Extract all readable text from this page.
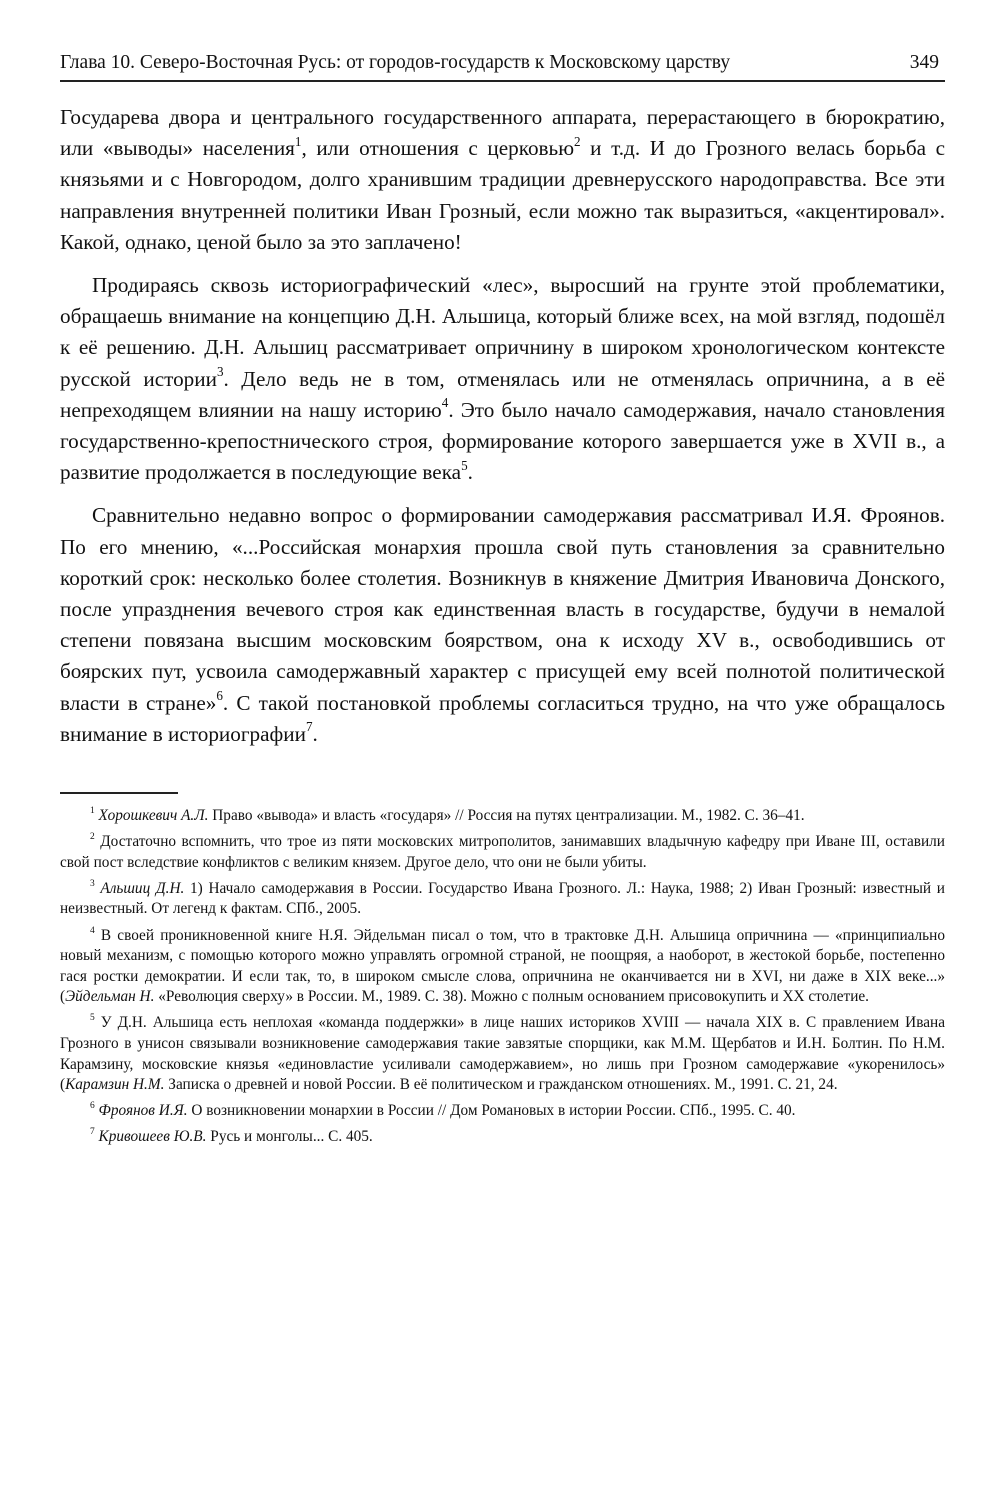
Глава 10. Северо-Восточная Русь: от городов-государств к Московскому царству	349

Государева двора и центрального государственного аппарата, перерастающего в бюрократию, или «выводы» населения$^1$, или отношения с церковью$^2$ и т.д. И до Грозного велась борьба с князьями и с Новгородом, долго хранившим традиции древнерусского народоправства. Все эти направления внутренней политики Иван Грозный, если можно так выразиться, «акцентировал». Какой, однако, ценой было за это заплачено!

Продираясь сквозь историографический «лес», выросший на грунте этой проблематики, обращаешь внимание на концепцию Д.Н. Альшица, который ближе всех, на мой взгляд, подошёл к её решению. Д.Н. Альшиц рассматривает опричнину в широком хронологическом контексте русской истории$^3$. Дело ведь не в том, отменялась или не отменялась опричнина, а в её непреходящем влиянии на нашу историю$^4$. Это было начало самодержавия, начало становления государственно-крепостнического строя, формирование которого завершается уже в XVII в., а развитие продолжается в последующие века$^5$.

Сравнительно недавно вопрос о формировании самодержавия рассматривал И.Я. Фроянов. По его мнению, «...Российская монархия прошла свой путь становления за сравнительно короткий срок: несколько более столетия. Возникнув в княжение Дмитрия Ивановича Донского, после упразднения вечевого строя как единственная власть в государстве, будучи в немалой степени повязана высшим московским боярством, она к исходу XV в., освободившись от боярских пут, усвоила самодержавный характер с присущей ему всей полнотой политической власти в стране»$^6$. С такой постановкой проблемы согласиться трудно, на что уже обращалось внимание в историографии$^7$.

$^1$ Хорошкевич А.Л. Право «вывода» и власть «государя» // Россия на путях централизации. М., 1982. С. 36–41.

$^2$ Достаточно вспомнить, что трое из пяти московских митрополитов, занимавших владычную кафедру при Иване III, оставили свой пост вследствие конфликтов с великим князем. Другое дело, что они не были убиты.

$^3$ Альшиц Д.Н. 1) Начало самодержавия в России. Государство Ивана Грозного. Л.: Наука, 1988; 2) Иван Грозный: известный и неизвестный. От легенд к фактам. СПб., 2005.

$^4$ В своей проникновенной книге Н.Я. Эйдельман писал о том, что в трактовке Д.Н. Альшица опричнина — «принципиально новый механизм, с помощью которого можно управлять огромной страной, не поощряя, а наоборот, в жестокой борьбе, постепенно гася ростки демократии. И если так, то, в широком смысле слова, опричнина не оканчивается ни в XVI, ни даже в XIX веке...» (Эйдельман Н. «Революция сверху» в России. М., 1989. С. 38). Можно с полным основанием присовокупить и XX столетие.

$^5$ У Д.Н. Альшица есть неплохая «команда поддержки» в лице наших историков XVIII — начала XIX в. С правлением Ивана Грозного в унисон связывали возникновение самодержавия такие завзятые спорщики, как М.М. Щербатов и И.Н. Болтин. По Н.М. Карамзину, московские князья «единовластие усиливали самодержавием», но лишь при Грозном самодержавие «укоренилось» (Карамзин Н.М. Записка о древней и новой России. В её политическом и гражданском отношениях. М., 1991. С. 21, 24.

$^6$ Фроянов И.Я. О возникновении монархии в России // Дом Романовых в истории России. СПб., 1995. С. 40.

$^7$ Кривошеев Ю.В. Русь и монголы... С. 405.
